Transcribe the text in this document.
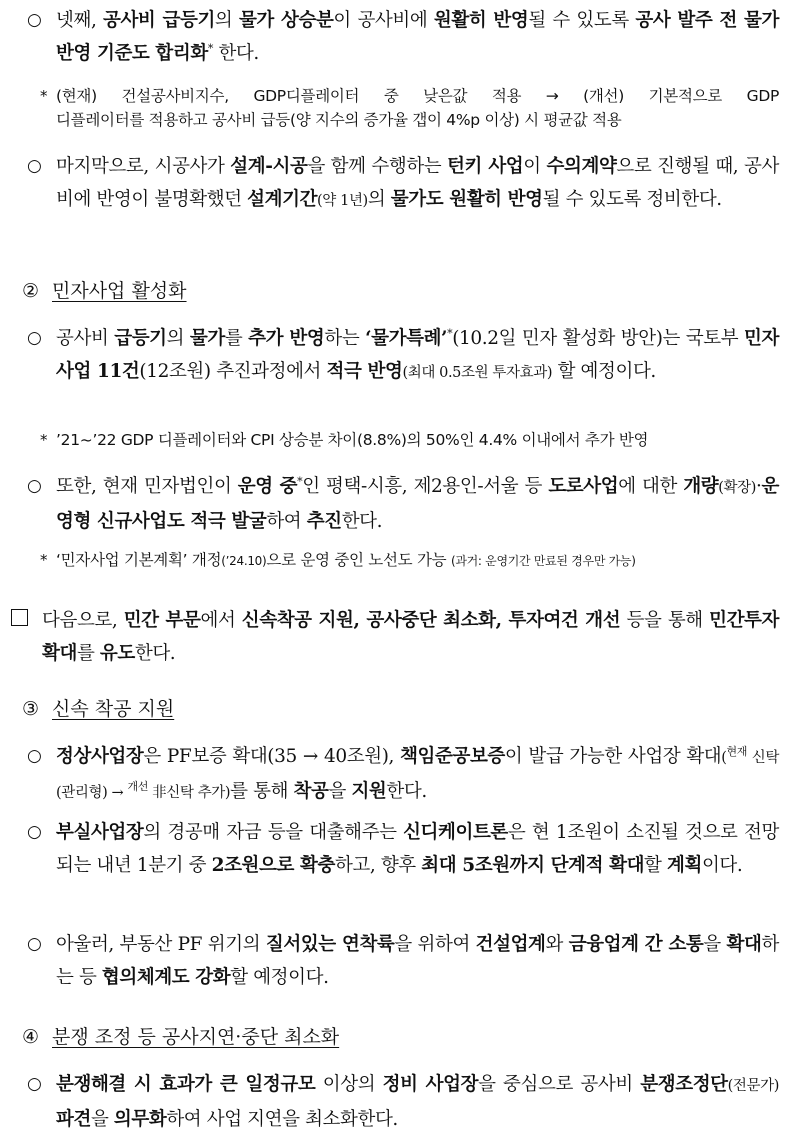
○ 넷째, 공사비 급등기의 물가 상승분이 공사비에 원활히 반영될 수 있도록 공사 발주 전 물가반영 기준도 합리화* 한다.
* (현재) 건설공사비지수, GDP디플레이터 중 낮은값 적용 → (개선) 기본적으로 GDP
디플레이터를 적용하고 공사비 급등(양 지수의 증가율 갭이 4%p 이상) 시 평균값 적용
○ 마지막으로, 시공사가 설계-시공을 함께 수행하는 턴키 사업이 수의계약으로 진행될 때, 공사비에 반영이 불명확했던 설계기간(약 1년)의 물가도 원활히 반영될 수 있도록 정비한다.
② 민자사업 활성화
○ 공사비 급등기의 물가를 추가 반영하는 ‘물가특례’*(10.2일 민자 활성화 방안)는 국토부 민자사업 11건(12조원) 추진과정에서 적극 반영(최대 0.5조원 투자효과) 할 예정이다.
* ’21~’22 GDP 디플레이터와 CPI 상승분 차이(8.8%)의 50%인 4.4% 이내에서 추가 반영
○ 또한, 현재 민자법인이 운영 중*인 평택-시흥, 제2용인-서울 등 도로사업에 대한 개량(확장)·운영형 신규사업도 적극 발굴하여 추진한다.
* ‘민자사업 기본계획’ 개정(’24.10)으로 운영 중인 노선도 가능 (과거: 운영기간 만료된 경우만 가능)
다음으로, 민간 부문에서 신속착공 지원, 공사중단 최소화, 투자여건 개선 등을 통해 민간투자 확대를 유도한다.
③ 신속 착공 지원
○ 정상사업장은 PF보증 확대(35 → 40조원), 책임준공보증이 발급 가능한 사업장 확대($^{현재}$ 신탁(관리형) → $^{개선}$ 非신탁 추가)를 통해 착공을 지원한다.
○ 부실사업장의 경공매 자금 등을 대출해주는 신디케이트론은 현 1조원이 소진될 것으로 전망되는 내년 1분기 중 2조원으로 확충하고, 향후 최대 5조원까지 단계적 확대할 계획이다.
○ 아울러, 부동산 PF 위기의 질서있는 연착륙을 위하여 건설업계와 금융업계 간 소통을 확대하는 등 협의체계도 강화할 예정이다.
④ 분쟁 조정 등 공사지연·중단 최소화
○ 분쟁해결 시 효과가 큰 일정규모 이상의 정비 사업장을 중심으로 공사비 분쟁조정단(전문가) 파견을 의무화하여 사업 지연을 최소화한다.
